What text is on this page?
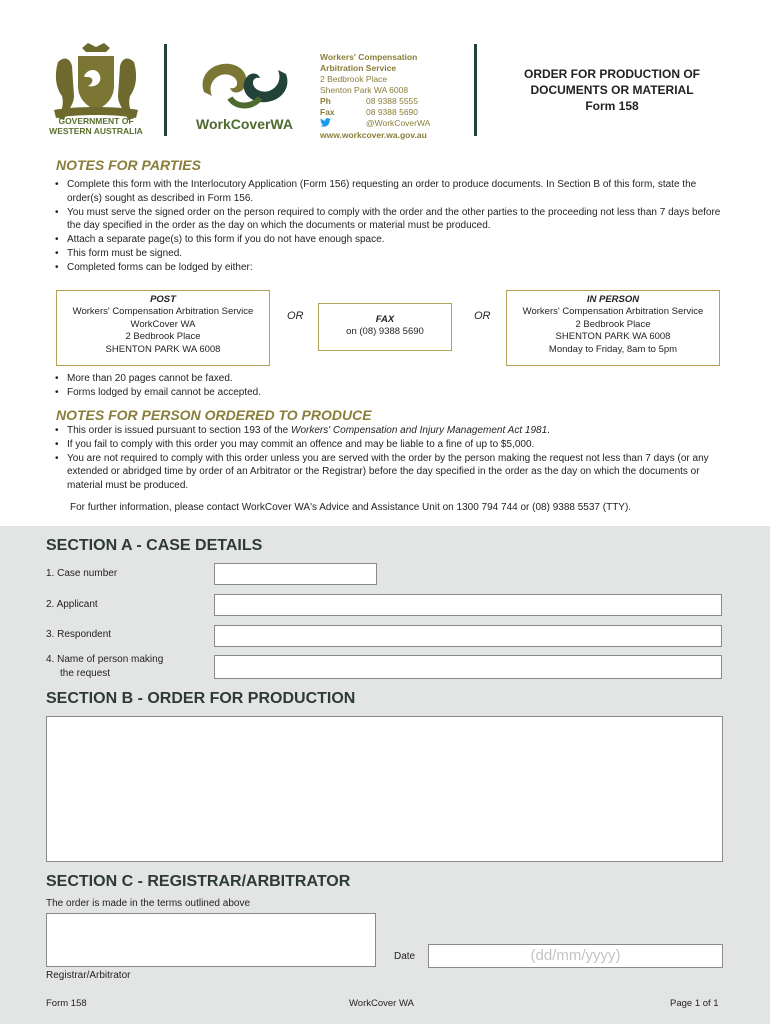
GOVERNMENT OF
WESTERN AUSTRALIA	WorkCoverWA
Workers' Compensation
Arbitration Service
2 Bedbrook Place
Shenton Park WA 6008
Ph	08 9388 5555
Fax	08 9388 5690
@WorkCoverWA
www.workcover.wa.gov.au
ORDER FOR PRODUCTION OF
DOCUMENTS OR MATERIAL
Form 158
NOTES FOR PARTIES
• Complete this form with the Interlocutory Application (Form 156) requesting an order to produce documents. In Section B of this form, state the order(s) sought as described in Form 156.
• You must serve the signed order on the person required to comply with the order and the other parties to the proceeding not less than 7 days before the day specified in the order as the day on which the documents or material must be produced.
• Attach a separate page(s) to this form if you do not have enough space.
• This form must be signed.
• Completed forms can be lodged by either:
POST
Workers' Compensation Arbitration Service
WorkCover WA
2 Bedbrook Place
SHENTON PARK WA 6008
OR	FAX
on (08) 9388 5690
OR
IN PERSON
Workers' Compensation Arbitration Service
2 Bedbrook Place
SHENTON PARK WA 6008
Monday to Friday, 8am to 5pm
• More than 20 pages cannot be faxed.
• Forms lodged by email cannot be accepted.
NOTES FOR PERSON ORDERED TO PRODUCE
• This order is issued pursuant to section 193 of the Workers' Compensation and Injury Management Act 1981.
• If you fail to comply with this order you may commit an offence and may be liable to a fine of up to $5,000.
• You are not required to comply with this order unless you are served with the order by the person making the request not less than 7 days (or any extended or abridged time by order of an Arbitrator or the Registrar) before the day specified in the order as the day on which the documents or material must be produced.
For further information, please contact WorkCover WA's Advice and Assistance Unit on 1300 794 744 or (08) 9388 5537 (TTY).
SECTION A - CASE DETAILS
1. Case number
2. Applicant
3. Respondent
4. Name of person making
the request
SECTION B - ORDER FOR PRODUCTION
SECTION C - REGISTRAR/ARBITRATOR
The order is made in the terms outlined above
Date	(dd/mm/yyyy)
Registrar/Arbitrator
Form 158	WorkCover WA	Page 1 of 1
